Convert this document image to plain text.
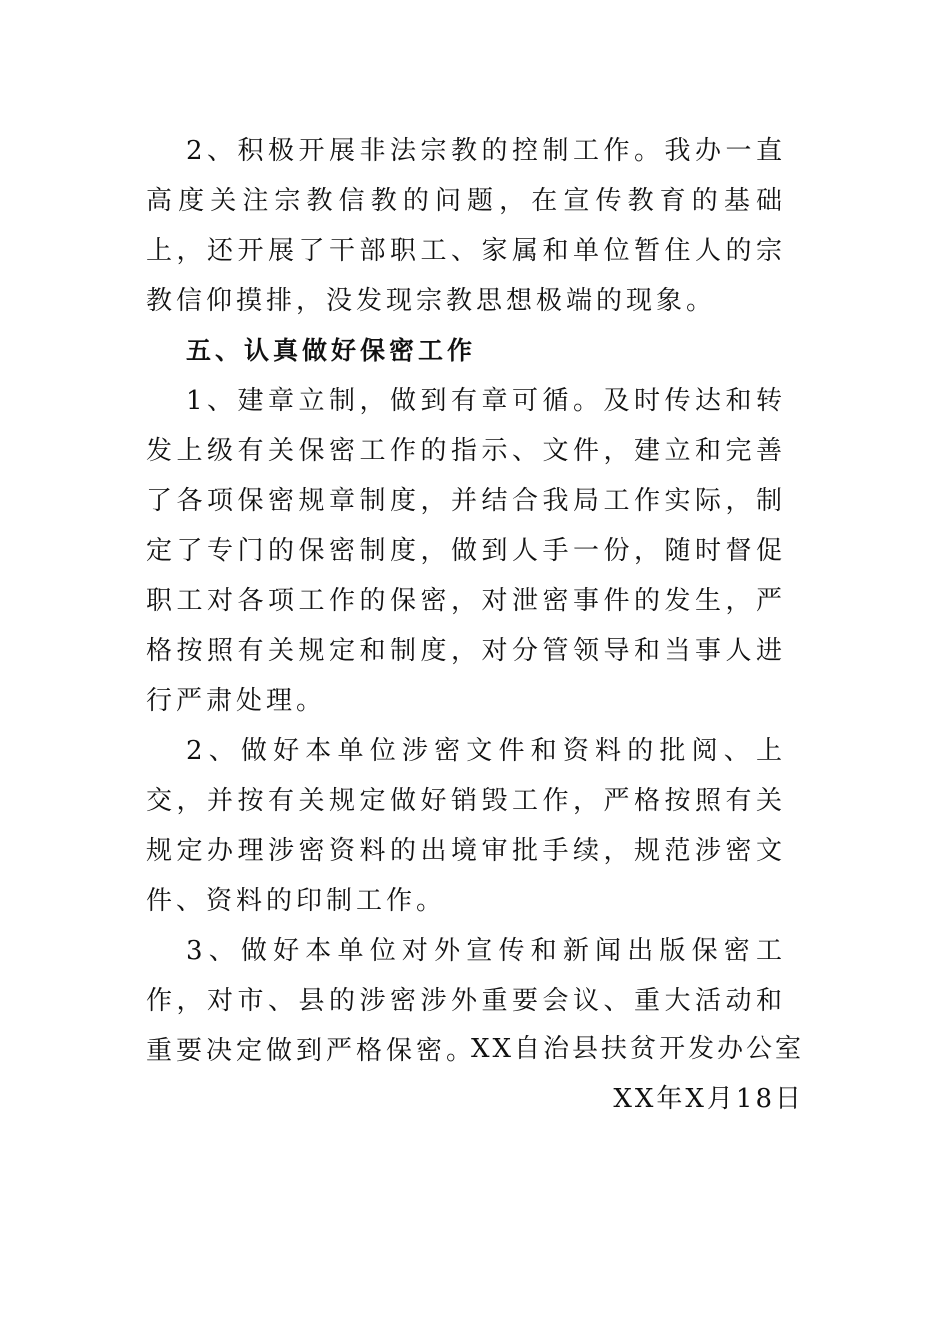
2、积极开展非法宗教的控制工作。我办一直高度关注宗教信教的问题，在宣传教育的基础上，还开展了干部职工、家属和单位暂住人的宗教信仰摸排，没发现宗教思想极端的现象。

五、认真做好保密工作

1、建章立制，做到有章可循。及时传达和转发上级有关保密工作的指示、文件，建立和完善了各项保密规章制度，并结合我局工作实际，制定了专门的保密制度，做到人手一份，随时督促职工对各项工作的保密，对泄密事件的发生，严格按照有关规定和制度，对分管领导和当事人进行严肃处理。

2、做好本单位涉密文件和资料的批阅、上交，并按有关规定做好销毁工作，严格按照有关规定办理涉密资料的出境审批手续，规范涉密文件、资料的印制工作。

3、做好本单位对外宣传和新闻出版保密工作，对市、县的涉密涉外重要会议、重大活动和重要决定做到严格保密。

XX自治县扶贫开发办公室
XX年X月18日
